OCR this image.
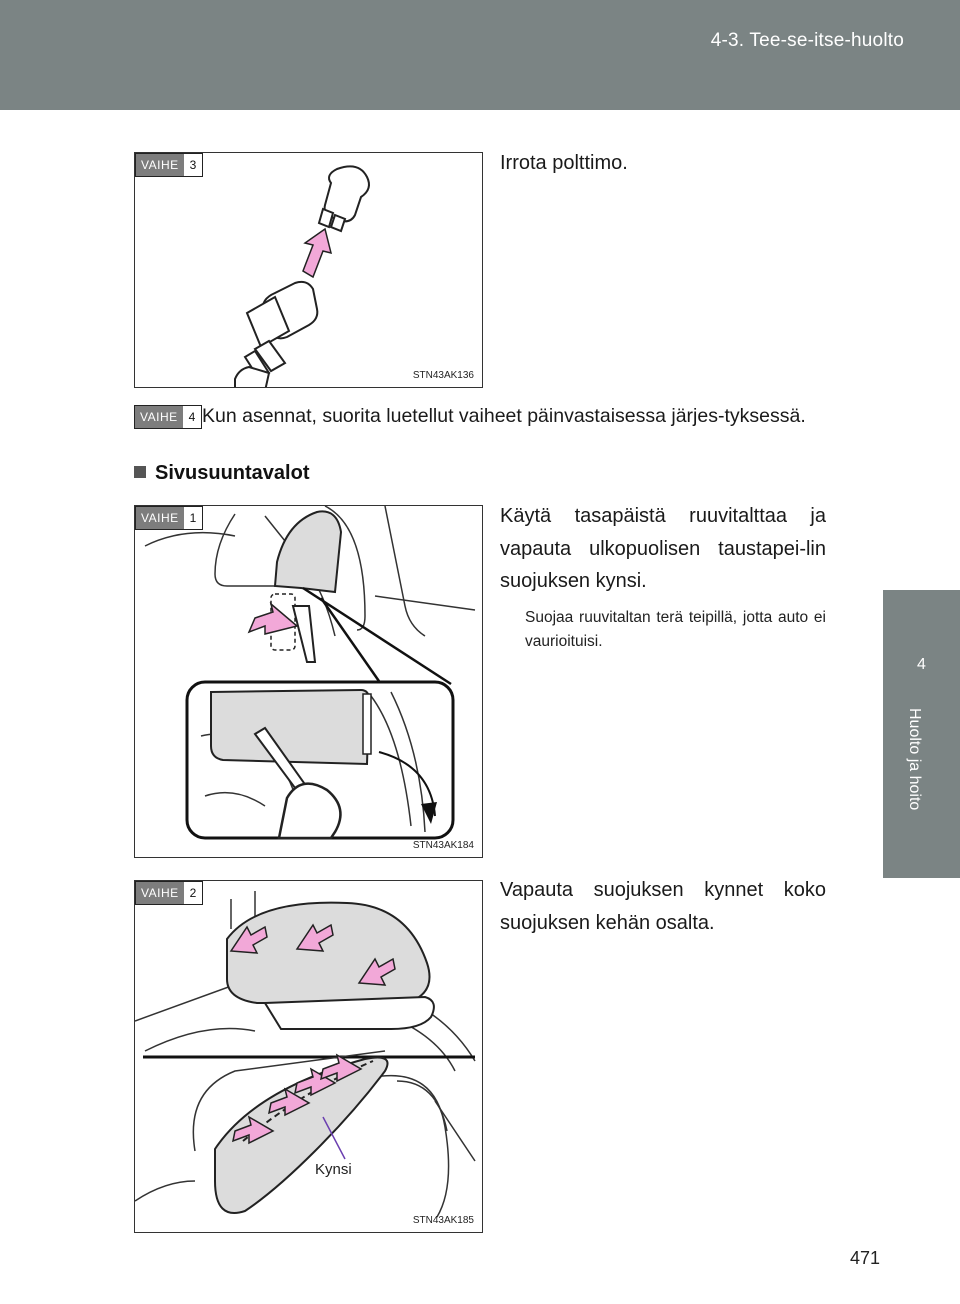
4-3. Tee-se-itse-huolto
4
Huolto ja hoito
VAIHE 3
STN43AK136
Irrota polttimo.
VAIHE 4 Kun asennat, suorita luetellut vaiheet päinvastaisessa järjes-tyksessä.
Sivusuuntavalot
VAIHE 1
STN43AK184
Käytä tasapäistä ruuvitalttaa ja vapauta ulkopuolisen taustapei-lin suojuksen kynsi.
Suojaa ruuvitaltan terä teipillä, jotta auto ei vaurioituisi.
VAIHE 2
Kynsi
STN43AK185
Vapauta suojuksen kynnet koko suojuksen kehän osalta.
471
